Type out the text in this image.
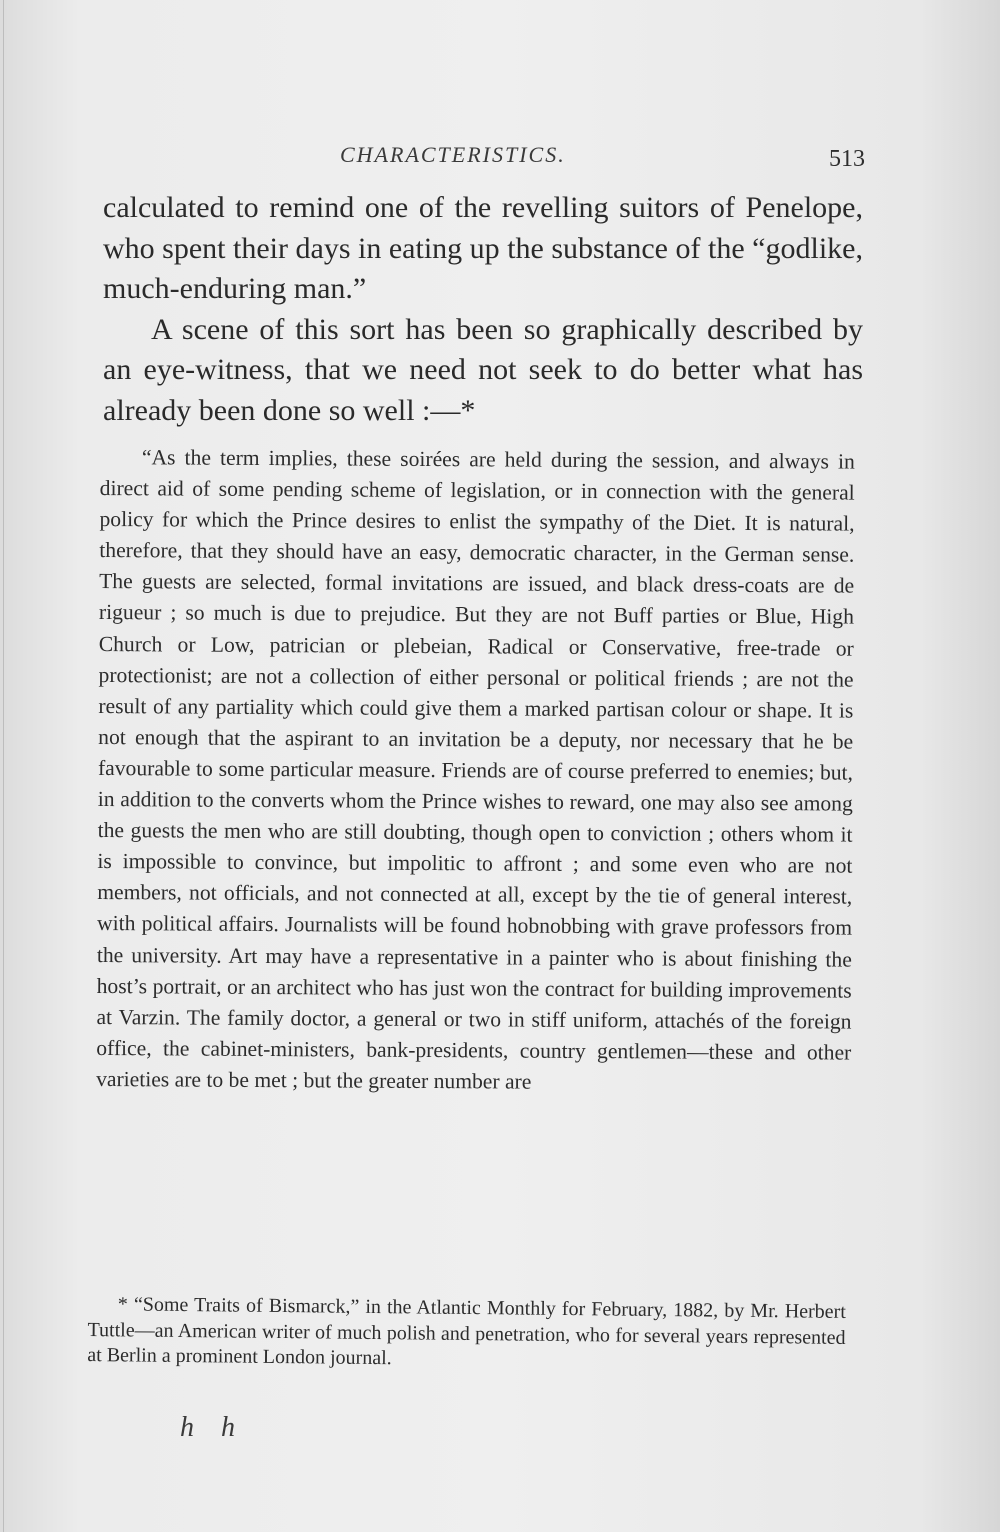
CHARACTERISTICS.	513

calculated to remind one of the revelling suitors of Penelope, who spent their days in eating up the substance of the “godlike, much-enduring man.”

A scene of this sort has been so graphically described by an eye-witness, that we need not seek to do better what has already been done so well :—*

“As the term implies, these soirées are held during the session, and always in direct aid of some pending scheme of legislation, or in connection with the general policy for which the Prince desires to enlist the sympathy of the Diet. It is natural, therefore, that they should have an easy, democratic character, in the German sense. The guests are selected, formal invitations are issued, and black dress-coats are de rigueur ; so much is due to prejudice. But they are not Buff parties or Blue, High Church or Low, patrician or plebeian, Radical or Conservative, free-trade or protectionist; are not a collection of either personal or political friends ; are not the result of any partiality which could give them a marked partisan colour or shape. It is not enough that the aspirant to an invitation be a deputy, nor necessary that he be favourable to some particular measure. Friends are of course preferred to enemies; but, in addition to the converts whom the Prince wishes to reward, one may also see among the guests the men who are still doubting, though open to conviction ; others whom it is impossible to convince, but impolitic to affront ; and some even who are not members, not officials, and not connected at all, except by the tie of general interest, with political affairs. Journalists will be found hobnobbing with grave professors from the university. Art may have a representative in a painter who is about finishing the host’s portrait, or an architect who has just won the contract for building improvements at Varzin. The family doctor, a general or two in stiff uniform, attachés of the foreign office, the cabinet-ministers, bank-presidents, country gentlemen—these and other varieties are to be met ; but the greater number are

* “Some Traits of Bismarck,” in the Atlantic Monthly for February, 1882, by Mr. Herbert Tuttle—an American writer of much polish and penetration, who for several years represented at Berlin a prominent London journal.

h h
